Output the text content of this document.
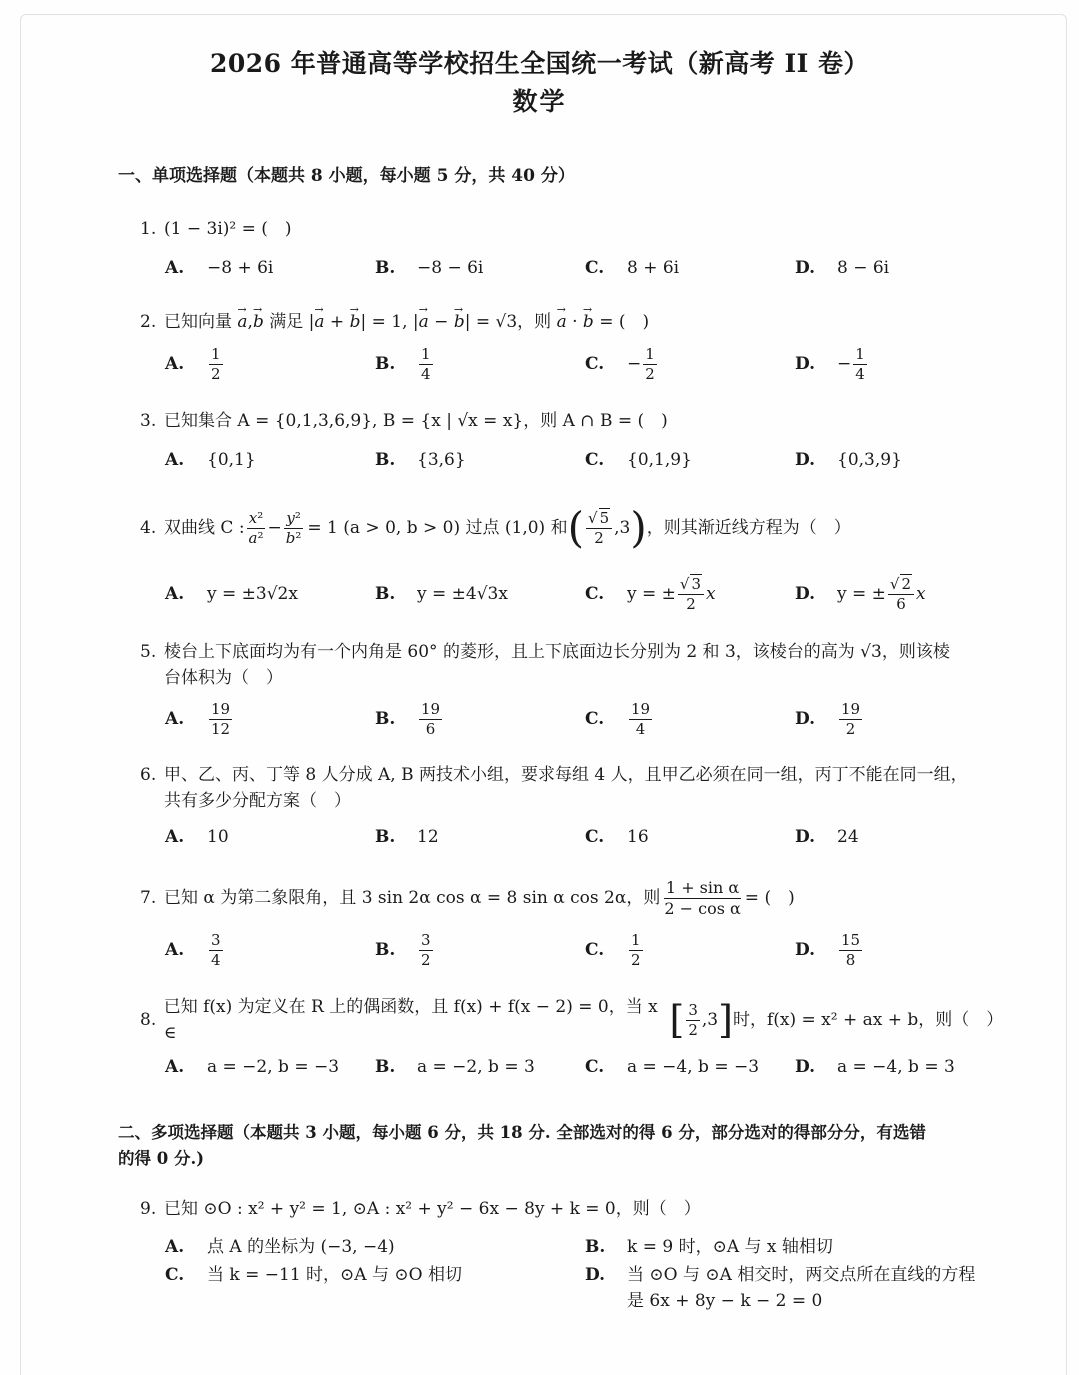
2026 年普通高等学校招生全国统一考试（新高考 II 卷）
数学
一、单项选择题（本题共 8 小题，每小题 5 分，共 40 分）
1. (1 − 3i)² = (　)
A.	−8 + 6i	B.	−8 − 6i	C.	8 + 6i	D.	8 − 6i
2. 已知向量 → a,→ b 满足 |→ a + → b| = 1, |→ a − → b| = √3，则 → a · → b = (　)
A.	$\frac{1}{2}$	B.	$\frac{1}{4}$	C.	− $\frac{1}{2}$	D.	− $\frac{1}{4}$
3. 已知集合 A = {0,1,3,6,9}, B = {x | √x = x}，则 A ∩ B = (　)
A.	{0,1}	B.	{3,6}	C.	{0,1,9}	D.	{0,3,9}
4. 双曲线 C : $\frac{\text{x²}}{\text{a²}} - \frac{\text{y²}}{\text{b²}} = 1$ (a > 0, b > 0) 过点 (1,0) 和 ( $\frac{√ 5}{2} ,3$ ) ，则其渐近线方程为（　）
A.	y = ±3√2x	B.	y = ±4√3x	C.	y = ± $\frac{√ 3}{2}$ x	D.	y = ± $\frac{√ 2}{6}$ x
5. 棱台上下底面均为有一个内角是 60° 的菱形，且上下底面边长分别为 2 和 3，该棱台的高为 √3，则该棱
台体积为（　）
A.	$\frac{19}{12}$	B.	$\frac{19}{6}$	C.	$\frac{19}{4}$	D.	$\frac{19}{2}$
6. 甲、乙、丙、丁等 8 人分成 A, B 两技术小组，要求每组 4 人，且甲乙必须在同一组，丙丁不能在同一组，
共有多少分配方案（　）
A.	10	B.	12	C.	16	D.	24
7. 已知 α 为第二象限角，且 3 sin 2α cos α = 8 sin α cos 2α，则 $\frac{\text{1 + sin α}}{\text{2 − cos α}}$ = (　)
A.	$\frac{3}{4}$	B.	$\frac{3}{2}$	C.	$\frac{1}{2}$	D.	$\frac{15}{8}$
8.
已知 f(x) 为定义在 R 上的偶函数，且 f(x) + f(x − 2) = 0，当 x ∈	[ $\frac{3}{2} ,3$ ] 时，f(x) = x² + ax + b，则（　）
A.	a = −2, b = −3 B.	a = −2, b = 3	C.	a = −4, b = −3 D.	a = −4, b = 3
二、多项选择题（本题共 3 小题，每小题 6 分，共 18 分. 全部选对的得 6 分，部分选对的得部分分，有选错
的得 0 分.)
9. 已知 ⊙O : x² + y² = 1, ⊙A : x² + y² − 6x − 8y + k = 0，则（　）
A. 点 A 的坐标为 (−3, −4)	B. k = 9 时，⊙A 与 x 轴相切
C. 当 k = −11 时，⊙A 与 ⊙O 相切	D. 当 ⊙O 与 ⊙A 相交时，两交点所在直线的方程
是 6x + 8y − k − 2 = 0
